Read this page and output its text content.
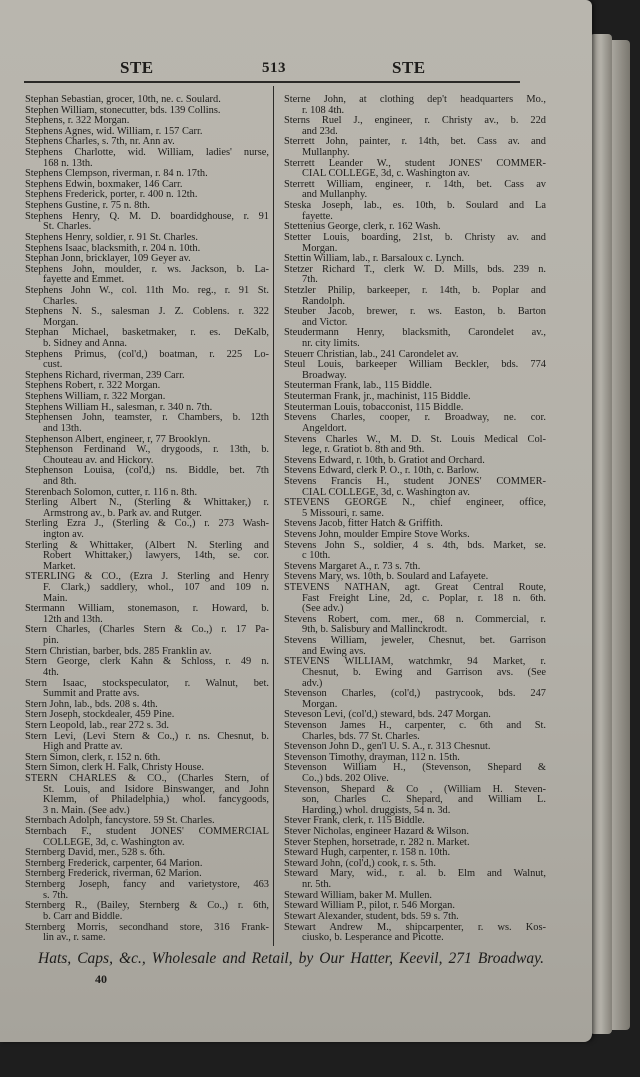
STE	513	STE
Stephan Sebastian, grocer, 10th, ne. c. Soulard.
Stephen William, stonecutter, bds. 139 Collins.
Stephens, r. 322 Morgan.
Stephens Agnes, wid. William, r. 157 Carr.
Stephens Charles, s. 7th, nr. Ann av.
Stephens Charlotte, wid. William, ladies' nurse,
168 n. 13th.
Stephens Clempson, riverman, r. 84 n. 17th.
Stephens Edwin, boxmaker, 146 Carr.
Stephens Frederick, porter, r. 400 n. 12th.
Stephens Gustine, r. 75 n. 8th.
Stephens Henry, Q. M. D. boardidghouse, r. 91
St. Charles.
Stephens Henry, soldier, r. 91 St. Charles.
Stephens Isaac, blacksmith, r. 204 n. 10th.
Stephan Jonn, bricklayer, 109 Geyer av.
Stephens John, moulder, r. ws. Jackson, b. La-
fayette and Emmet.
Stephens John W., col. 11th Mo. reg., r. 91 St.
Charles.
Stephens N. S., salesman J. Z. Coblens. r. 322
Morgan.
Stephan Michael, basketmaker, r. es. DeKalb,
b. Sidney and Anna.
Stephens Primus, (col'd,) boatman, r. 225 Lo-
cust.
Stephens Richard, riverman, 239 Carr.
Stephens Robert, r. 322 Morgan.
Stephens William, r. 322 Morgan.
Stephens William H., salesman, r. 340 n. 7th.
Stephensen John, teamster, r. Chambers, b. 12th
and 13th.
Stephenson Albert, engineer, r, 77 Brooklyn.
Stephenson Ferdinand W., drygoods, r. 13th, b.
Chouteau av. and Hickory.
Stephenson Louisa, (col'd,) ns. Biddle, bet. 7th
and 8th.
Sterenbach Solomon, cutter, r. 116 n. 8th.
Sterling Albert N., (Sterling & Whittaker,) r.
Armstrong av., b. Park av. and Rutger.
Sterling Ezra J., (Sterling & Co.,) r. 273 Wash-
ington av.
Sterling & Whittaker, (Albert N. Sterling and
Robert Whittaker,) lawyers, 14th, se. cor.
Market.
STERLING & CO., (Ezra J. Sterling and Henry
F. Clark,) saddlery, whol., 107 and 109 n.
Main.
Stermann William, stonemason, r. Howard, b.
12th and 13th.
Stern Charles, (Charles Stern & Co.,) r. 17 Pa-
pin.
Stern Christian, barber, bds. 285 Franklin av.
Stern George, clerk Kahn & Schloss, r. 49 n.
4th.
Stern Isaac, stockspeculator, r. Walnut, bet.
Summit and Pratte avs.
Stern John, lab., bds. 208 s. 4th.
Stern Joseph, stockdealer, 459 Pine.
Stern Leopold, lab., rear 272 s. 3d.
Stern Levi, (Levi Stern & Co.,) r. ns. Chesnut, b.
High and Pratte av.
Stern Simon, clerk, r. 152 n. 6th.
Stern Simon, clerk H. Falk, Christy House.
STERN CHARLES & CO., (Charles Stern, of
St. Louis, and Isidore Binswanger, and John
Klemm, of Philadelphia,) whol. fancygoods,
3 n. Main. (See adv.)
Sternbach Adolph, fancystore. 59 St. Charles.
Sternbach F., student JONES' COMMERCIAL
COLLEGE, 3d, c. Washington av.
Sternberg David, mer., 528 s. 6th.
Sternberg Frederick, carpenter, 64 Marion.
Sternberg Frederick, riverman, 62 Marion.
Sternberg Joseph, fancy and varietystore, 463
s. 7th.
Sternberg R., (Bailey, Sternberg & Co.,) r. 6th,
b. Carr and Biddle.
Sternberg Morris, secondhand store, 316 Frank-
lin av., r. same.
Sterne John, at clothing dep't headquarters Mo.,
r. 108 4th.
Sterns Ruel J., engineer, r. Christy av., b. 22d
and 23d.
Sterrett John, painter, r. 14th, bet. Cass av. and
Mullanphy.
Sterrett Leander W., student JONES' COMMER-
CIAL COLLEGE, 3d, c. Washington av.
Sterrett William, engineer, r. 14th, bet. Cass av
and Mullanphy.
Steska Joseph, lab., es. 10th, b. Soulard and La
fayette.
Stettenius George, clerk, r. 162 Wash.
Stetter Louis, boarding, 21st, b. Christy av. and
Morgan.
Stettin William, lab., r. Barsaloux c. Lynch.
Stetzer Richard T., clerk W. D. Mills, bds. 239 n.
7th.
Stetzler Philip, barkeeper, r. 14th, b. Poplar and
Randolph.
Steuber Jacob, brewer, r. ws. Easton, b. Barton
and Victor.
Steudermann Henry, blacksmith, Carondelet av.,
nr. city limits.
Steuerr Christian, lab., 241 Carondelet av.
Steul Louis, barkeeper William Beckler, bds. 774
Broadway.
Steuterman Frank, lab., 115 Biddle.
Steuterman Frank, jr., machinist, 115 Biddle.
Steuterman Louis, tobacconist, 115 Biddle.
Stevens Charles, cooper, r. Broadway, ne. cor.
Angeldort.
Stevens Charles W., M. D. St. Louis Medical Col-
lege, r. Gratiot b. 8th and 9th.
Stevens Edward, r. 10th, b. Gratiot and Orchard.
Stevens Edward, clerk P. O., r. 10th, c. Barlow.
Stevens Francis H., student JONES' COMMER-
CIAL COLLEGE, 3d, c. Washington av.
STEVENS GEORGE N., chief engineer, office,
5 Missouri, r. same.
Stevens Jacob, fitter Hatch & Griffith.
Stevens John, moulder Empire Stove Works.
Stevens John S., soldier, 4 s. 4th, bds. Market, se.
c 10th.
Stevens Margaret A., r. 73 s. 7th.
Stevens Mary, ws. 10th, b. Soulard and Lafayete.
STEVENS NATHAN, agt. Great Central Route,
Fast Freight Line, 2d, c. Poplar, r. 18 n. 6th.
(See adv.)
Stevens Robert, com. mer., 68 n. Commercial, r.
9th, b. Salisbury and Mallinckrodt.
Stevens William, jeweler, Chesnut, bet. Garrison
and Ewing avs.
STEVENS WILLIAM, watchmkr, 94 Market, r.
Chesnut, b. Ewing and Garrison avs. (See
adv.)
Stevenson Charles, (col'd,) pastrycook, bds. 247
Morgan.
Steveson Levi, (col'd,) steward, bds. 247 Morgan.
Stevenson James H., carpenter, c. 6th and St.
Charles, bds. 77 St. Charles.
Stevenson John D., gen'l U. S. A., r. 313 Chesnut.
Stevenson Timothy, drayman, 112 n. 15th.
Stevenson William H., (Stevenson, Shepard &
Co.,) bds. 202 Olive.
Stevenson, Shepard & Co , (William H. Steven-
son, Charles C. Shepard, and William L.
Harding,) whol. druggists, 54 n. 3d.
Stever Frank, clerk, r. 115 Biddle.
Stever Nicholas, engineer Hazard & Wilson.
Stever Stephen, horsetrade, r. 282 n. Market.
Steward Hugh, carpenter, r. 158 n. 10th.
Steward John, (col'd,) cook, r. s. 5th.
Steward Mary, wid., r. al. b. Elm and Walnut,
nr. 5th.
Steward William, baker M. Mullen.
Steward William P., pilot, r. 546 Morgan.
Stewart Alexander, student, bds. 59 s. 7th.
Stewart Andrew M., shipcarpenter, r. ws. Kos-
ciusko, b. Lesperance and Picotte.
Hats, Caps, &c., Wholesale and Retail, by Our Hatter, Keevil, 271 Broadway.
40
